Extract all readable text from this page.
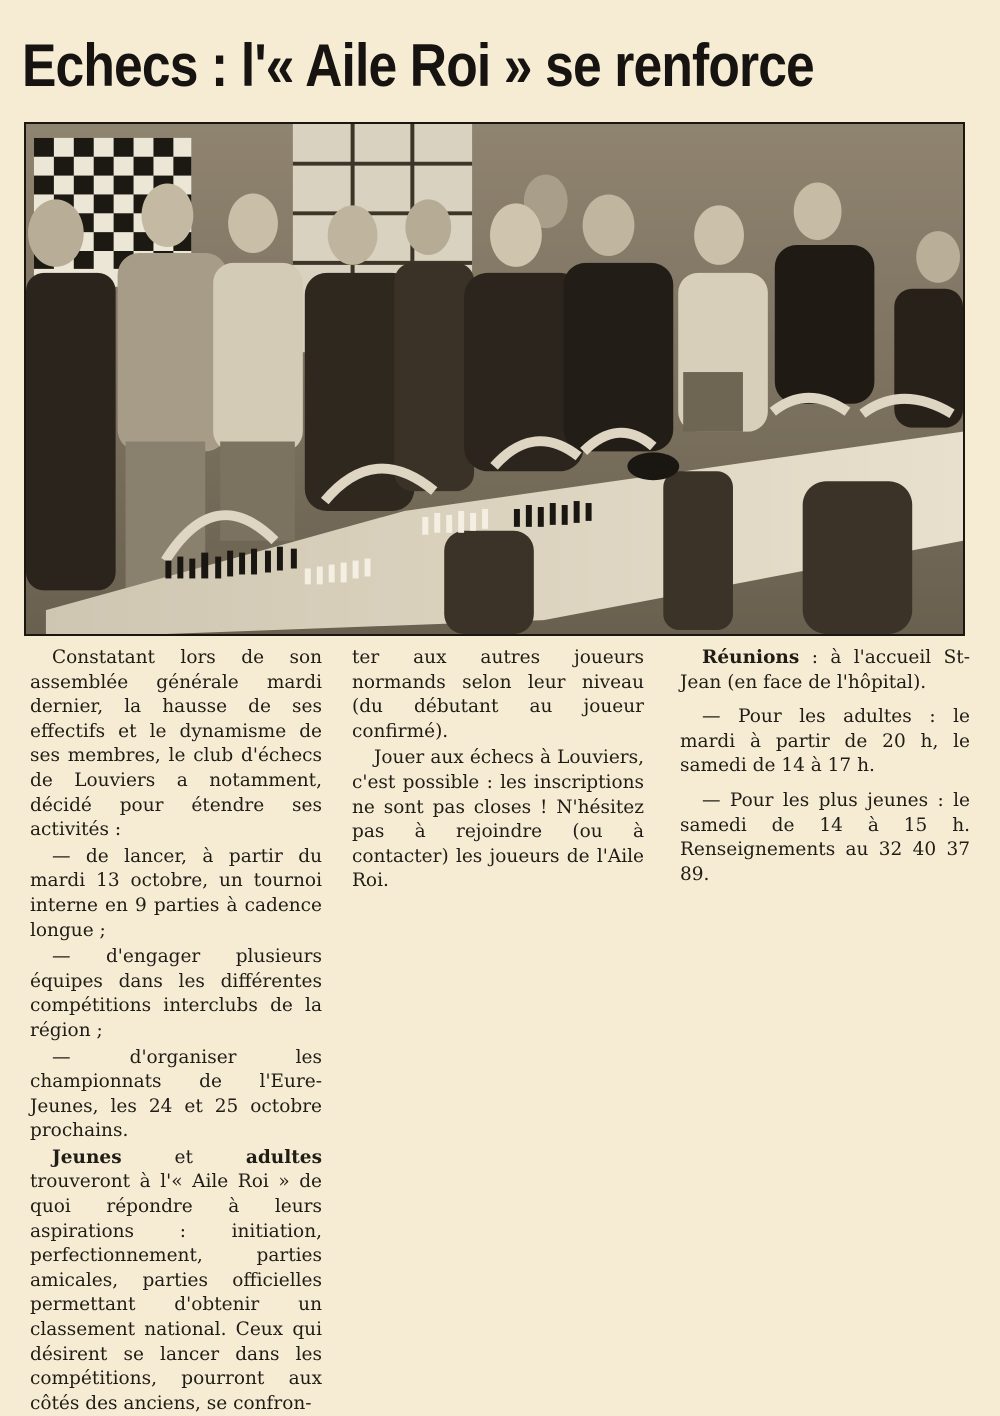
Echecs : l'« Aile Roi » se renforce

Constatant lors de son assemblée générale mardi dernier, la hausse de ses effectifs et le dynamisme de ses membres, le club d'échecs de Louviers a notamment, décidé pour étendre ses activités :

— de lancer, à partir du mardi 13 octobre, un tournoi interne en 9 parties à cadence longue ;

— d'engager plusieurs équipes dans les différentes compétitions interclubs de la région ;

— d'organiser les championnats de l'Eure-Jeunes, les 24 et 25 octobre prochains.

Jeunes et adultes trouveront à l'« Aile Roi » de quoi répondre à leurs aspirations : initiation, perfectionnement, parties amicales, parties officielles permettant d'obtenir un classement national. Ceux qui désirent se lancer dans les compétitions, pourront aux côtés des anciens, se confron-

ter aux autres joueurs normands selon leur niveau (du débutant au joueur confirmé).

Jouer aux échecs à Louviers, c'est possible : les inscriptions ne sont pas closes ! N'hésitez pas à rejoindre (ou à contacter) les joueurs de l'Aile Roi.

Réunions : à l'accueil St-Jean (en face de l'hôpital).

— Pour les adultes : le mardi à partir de 20 h, le samedi de 14 à 17 h.

— Pour les plus jeunes : le samedi de 14 à 15 h. Renseignements au 32 40 37 89.
